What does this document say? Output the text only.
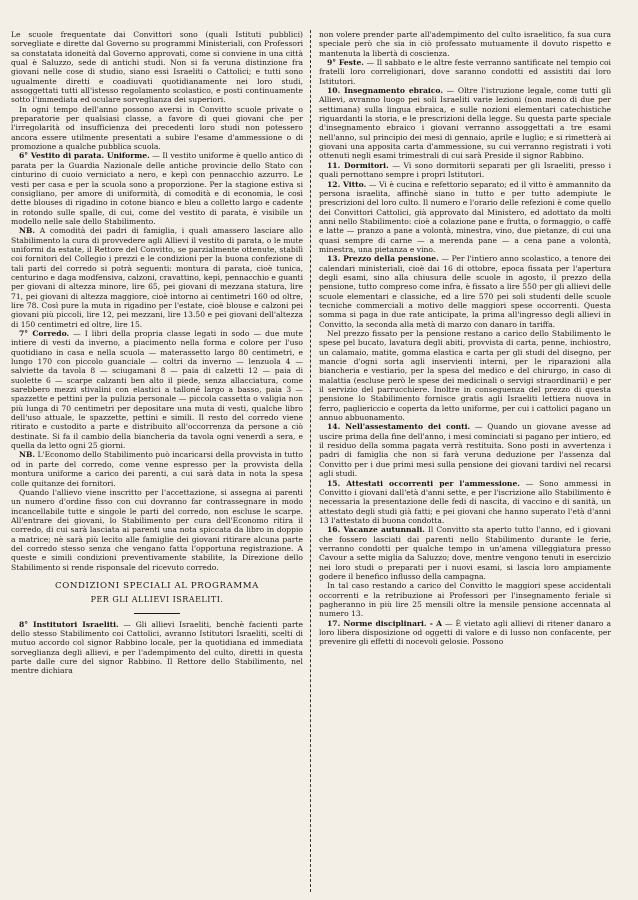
Le scuole frequentate dai Convittori sono (quali Istituti pubblici) sorvegliate e dirette dal Governo su programmi Ministeriali, con Professori sa constatata idoneità dal Governo approvati, come si conviene in una città qual è Saluzzo, sede di antichi studi. Non si fa veruna distinzione fra giovani nelle cose di studio, siano essi Israeliti o Cattolici; e tutti sono ugualmente diretti e coadiuvati quotidianamente nei loro studi, assoggettati tutti all'istesso regolamento scolastico, e posti continuamente sotto l'immediata ed oculare sorveglianza dei superiori.

In ogni tempo dell'anno possono aversi in Convitto scuole private o preparatorie per qualsiasi classe, a favore di quei giovani che per l'irregolarità od insufficienza dei precedenti loro studi non potessero ancora essere utilmente presentati a subire l'esame d'ammessione o di promozione a qualche pubblica scuola.

6° Vestito di parata. Uniforme. — Il vestito uniforme è quello antico di parata per la Guardia Nazionale delle antiche provincie dello Stato con cinturino di cuoio verniciato a nero, e kepì con pennacchio azzurro. Le vesti per casa e per la scuola sono a proporzione. Per la stagione estiva si consigliano, per amore di uniformità, di comodità e di economia, le così dette blouses di rigadino in cotone bianco e bleu a colletto largo e cadente in rotondo sulle spalle, di cui, come del vestito di parata, è visibile un modello nelle sale dello Stabilimento.

NB. A comodità dei padri di famiglia, i quali amassero lasciare allo Stabilimento la cura di provvedere agli Allievi il vestito di parata, o le mute uniformi da estate, il Rettore del Convitto, se parzialmente ottenute, stabilì coi fornitori del Collegio i prezzi e le condizioni per la buona confezione di tali parti del corredo si potrà seguenti: montura di parata, cioè tunica, centurino e daga modfensiva, calzoni, cravattino, kepì, pennacchio e guanti per giovani di altezza minore, lire 65, pei giovani di mezzana statura, lire 71, pei giovani di altezza maggiore, cioè intorno ai centimetri 160 od oltre, lire 78. Così pure la muta in rigadino per l'estate, cioè blouse e calzoni pei giovani più piccoli, lire 12, pei mezzani, lire 13.50 e pei giovani dell'altezza di 150 centimetri ed oltre, lire 15.

7° Corredo. — I libri della propria classe legati in sodo — due mute intiere di vesti da inverno, a piacimento nella forma e colore per l'uso quotidiano in casa e nella scuola — materassetto largo 80 centimetri, e lungo 170 con piccolo guanciale — coltri da inverno — lenzuola 4 — salviette da tavola 8 — sciugamani 8 — paia di calzetti 12 — paia di suolette 6 — scarpe calzanti ben alto il piede, senza allacciatura, come sarebbero mezzi stivalini con elastici a talloné largo a basso, paia 3 — spazzette e pettini per la pulizia personale — piccola cassetta o valigia non più lunga di 70 centimetri per depositare una muta di vesti, qualche libro dell'uso attuale, le spazzette, pettini e simili. Il resto del corredo viene ritirato e custodito a parte e distribuito all'occorrenza da persone a ciò destinate. Si fa il cambio della biancheria da tavola ogni venerdì a sera, e quella da letto ogni 25 giorni.

NB. L'Economo dello Stabilimento può incaricarsi della provvista in tutto od in parte del corredo, come venne espresso per la provvista della montura uniforme a carico dei parenti, a cui sarà data in nota la spesa colle quitanze dei fornitori.

Quando l'allievo viene inscritto per l'accettazione, si assegna ai parenti un numero d'ordine fisso con cui dovranno far contrassegnare in modo incancellabile tutte e singole le parti del corredo, non escluse le scarpe. All'entrare dei giovani, lo Stabilimento per cura dell'Economo ritira il corredo, di cui sarà lasciata ai parenti una nota spiccata da libro in doppio a matrice; nè sarà più lecito alle famiglie dei giovani ritirare alcuna parte del corredo stesso senza che vengano fatta l'opportuna registrazione. A queste e simili condizioni preventivamente stabilite, la Direzione dello Stabilimento si rende risponsale del ricevuto corredo.

CONDIZIONI SPECIALI AL PROGRAMMA
PER GLI ALLIEVI ISRAELITI.

8° Institutori Israeliti. — Gli allievi Israeliti, benchè facienti parte dello stesso Stabilimento coi Cattolici, avranno Istitutori Israeliti, scelti di mutuo accordo col signor Rabbino locale, per la quotidiana ed immediata sorveglianza degli allievi, e per l'adempimento del culto, diretti in questa parte dalle cure del signor Rabbino. Il Rettore dello Stabilimento, nel mentre dichiara

non volere prender parte all'adempimento del culto israelitico, fa sua cura speciale però che sia in ciò professato mutuamente il dovuto rispetto e mantenuta la libertà di coscienza.

9° Feste. — Il sabbato e le altre feste verranno santificate nel tempio coi fratelli loro correligionari, dove saranno condotti ed assistiti dai loro Istitutori.

10. Insegnamento ebraico. — Oltre l'istruzione legale, come tutti gli Allievi, avranno luogo pei soli Israeliti varie lezioni (non meno di due per settimana) sulla lingua ebraica, e sulle nozioni elementari catechistiche riguardanti la storia, e le prescrizioni della legge. Su questa parte speciale d'insegnamento ebraico i giovani verranno assoggettati a tre esami nell'anno, sul principio dei mesi di gennaio, aprile e luglio; e si rimetterà ai giovani una apposita carta d'ammessione, su cui verranno registrati i voti ottenuti negli esami trimestrali di cui sarà Preside il signor Rabbino.

11. Dormitori. — Vi sono dormitorii separati per gli Israeliti, presso i quali pernottano sempre i propri Istitutori.

12. Vitto. — Vi è cucina e refettorio separato; ed il vitto è ammannito da persona israelita, affinchè siano in tutto e per tutto adempiute le prescrizioni del loro culto. Il numero e l'orario delle refezioni è come quello dei Convittori Cattolici, già approvato dal Ministero, ed adottato da molti anni nello Stabilimento: cioè a colazione pane e frutta, o formaggio, o caffè e latte — pranzo a pane a volontà, minestra, vino, due pietanze, di cui una quasi sempre di carne — a merenda pane — a cena pane a volontà, minestra, una pietanza e vino.

13. Prezzo della pensione. — Per l'intiero anno scolastico, a tenore dei calendari ministeriali, cioè dai 16 di ottobre, epoca fissata per l'apertura degli esami, sino alla chiusura delle scuole in agosto, il prezzo della pensione, tutto compreso come infra, è fissato a lire 550 per gli allievi delle scuole elementari e classiche, ed a lire 570 pei soli studenti delle scuole tecniche commerciali a motivo delle maggiori spese occorrenti. Questa somma si paga in due rate anticipate, la prima all'ingresso degli allievi in Convitto, la seconda alla metà di marzo con danaro in tariffa.

Nel prezzo fissato per la pensione restano a carico dello Stabilimento le spese pel bucato, lavatura degli abiti, provvista di carta, penne, inchiostro, un calamaio, matite, gomma elastica e carta per gli studi del disegno, per mancie d'ogni sorta agli inservienti interni, per le riparazioni alla biancheria e vestiario, per la spesa del medico e del chirurgo, in caso di malattia (escluse però le spese dei medicinali o servigi straordinarii) e per il servizio del parrucchiere. Inoltre in conseguenza del prezzo di questa pensione lo Stabilimento fornisce gratis agli Israeliti lettiera nuova in ferro, pagliericcio e coperta da letto uniforme, per cui i cattolici pagano un annuo abbuonamento.

14. Nell'assestamento dei conti. — Quando un giovane avesse ad uscire prima della fine dell'anno, i mesi cominciati si pagano per intiero, ed il residuo della somma pagata verrà restituita. Sono posti in avvertenza i padri di famiglia che non si farà veruna deduzione per l'assenza dal Convitto per i due primi mesi sulla pensione dei giovani tardivi nel recarsi agli studi.

15. Attestati occorrenti per l'ammessione. — Sono ammessi in Convitto i giovani dall'età d'anni sette, e per l'iscrizione allo Stabilimento è necessaria la presentazione delle fedi di nascita, di vaccino e di sanità, un attestato degli studi già fatti; e pei giovani che hanno superato l'età d'anni 13 l'attestato di buona condotta.

16. Vacanze autunnali. Il Convitto sta aperto tutto l'anno, ed i giovani che fossero lasciati dai parenti nello Stabilimento durante le ferie, verranno condotti per qualche tempo in un'amena villeggiatura presso Cavour a sette miglia da Saluzzo; dove, mentre vengono tenuti in esercizio nei loro studi o preparati per i nuovi esami, si lascia loro ampiamente godere il benefico influsso della campagna.

In tal caso restando a carico del Convitto le maggiori spese accidentali occorrenti e la retribuzione ai Professori per l'insegnamento feriale si pagheranno in più lire 25 mensili oltre la mensile pensione accennata al numero 13.

17. Norme disciplinari. - A — È vietato agli allievi di ritener danaro a loro libera disposizione od oggetti di valore e di lusso non confacente, per prevenire gli effetti di nocevoli gelosie. Possono
